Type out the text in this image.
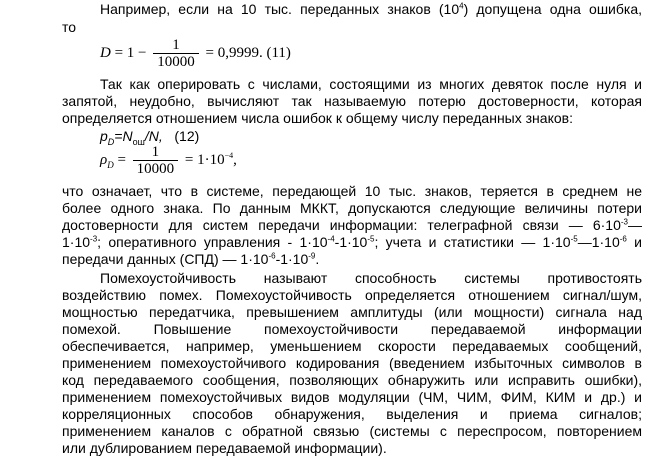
Например, если на 10 тыс. переданных знаков $(10^4)$ допущена одна ошибка,
то
$D = 1 - \frac{1}{10000} = 0,9999$. (11)
Так как оперировать с числами, состоящими из многих девяток после нуля и
запятой, неудобно, вычисляют так называемую потерю достоверности, которая
определяется отношением числа ошибок к общему числу переданных знаков:
$p_D=N_{ош}/N$, (12)
$\rho_D = \frac{1}{10000} = 1\cdot 10^{-4}$,
что означает, что в системе, передающей 10 тыс. знаков, теряется в среднем не
более одного знака. По данным МККТ, допускаются следующие величины потери
достоверности для систем передачи информации: телеграфной связи — $6\cdot 10^{-3}—$
$1\cdot 10^{-3}$; оперативного управления - $1\cdot 10^{-4}-1\cdot 10^{-5}$; учета и статистики — $1\cdot 10^{-5}—1\cdot 10^{-6}$ и
передачи данных (СПД) — $1\cdot 10^{-6}-1\cdot 10^{-9}$.
Помехоустойчивость называют способность системы противостоять
воздействию помех. Помехоустойчивость определяется отношением сигнал/шум,
мощностью передатчика, превышением амплитуды (или мощности) сигнала над
помехой. Повышение помехоустойчивости передаваемой информации
обеспечивается, например, уменьшением скорости передаваемых сообщений,
применением помехоустойчивого кодирования (введением избыточных символов в
код передаваемого сообщения, позволяющих обнаружить или исправить ошибки),
применением помехоустойчивых видов модуляции (ЧМ, ЧИМ, ФИМ, КИМ и др.) и
корреляционных способов обнаружения, выделения и приема сигналов;
применением каналов с обратной связью (системы с переспросом, повторением
или дублированием передаваемой информации).
